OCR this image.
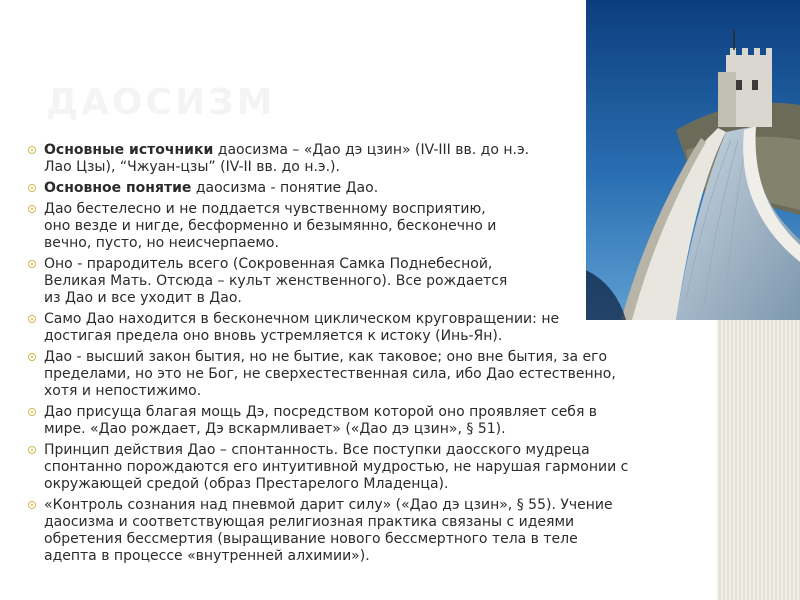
ДАОСИЗМ
Основные источники даосизма – «Дао дэ цзин» (IV-III вв. до н.э.
Лао Цзы), “Чжуан-цзы” (IV-II вв. до н.э.).
Основное понятие даосизма - понятие Дао.
Дао бестелесно и не поддается чувственному восприятию,
оно везде и нигде, бесформенно и безымянно, бесконечно и
вечно, пусто, но неисчерпаемо.
Оно - прародитель всего (Сокровенная Самка Поднебесной,
Великая Мать. Отсюда – культ женственного). Все рождается
из Дао и все уходит в Дао.
Само Дао находится в бесконечном циклическом круговращении: не
достигая предела оно вновь устремляется к истоку (Инь-Ян).
Дао - высший закон бытия, но не бытие, как таковое; оно вне бытия, за его
пределами, но это не Бог, не сверхестественная сила, ибо Дао естественно,
хотя и непостижимо.
Дао присуща благая мощь Дэ, посредством которой оно проявляет себя в
мире. «Дао рождает, Дэ вскармливает» («Дао дэ цзин», § 51).
Принцип действия Дао – спонтанность. Все поступки даосского мудреца
спонтанно порождаются его интуитивной мудростью, не нарушая гармонии с
окружающей средой (образ Престарелого Младенца).
«Контроль сознания над пневмой дарит силу» («Дао дэ цзин», § 55). Учение
даосизма и соответствующая религиозная практика связаны с идеями
обретения бессмертия (выращивание нового бессмертного тела в теле
адепта в процессе «внутренней алхимии»).
